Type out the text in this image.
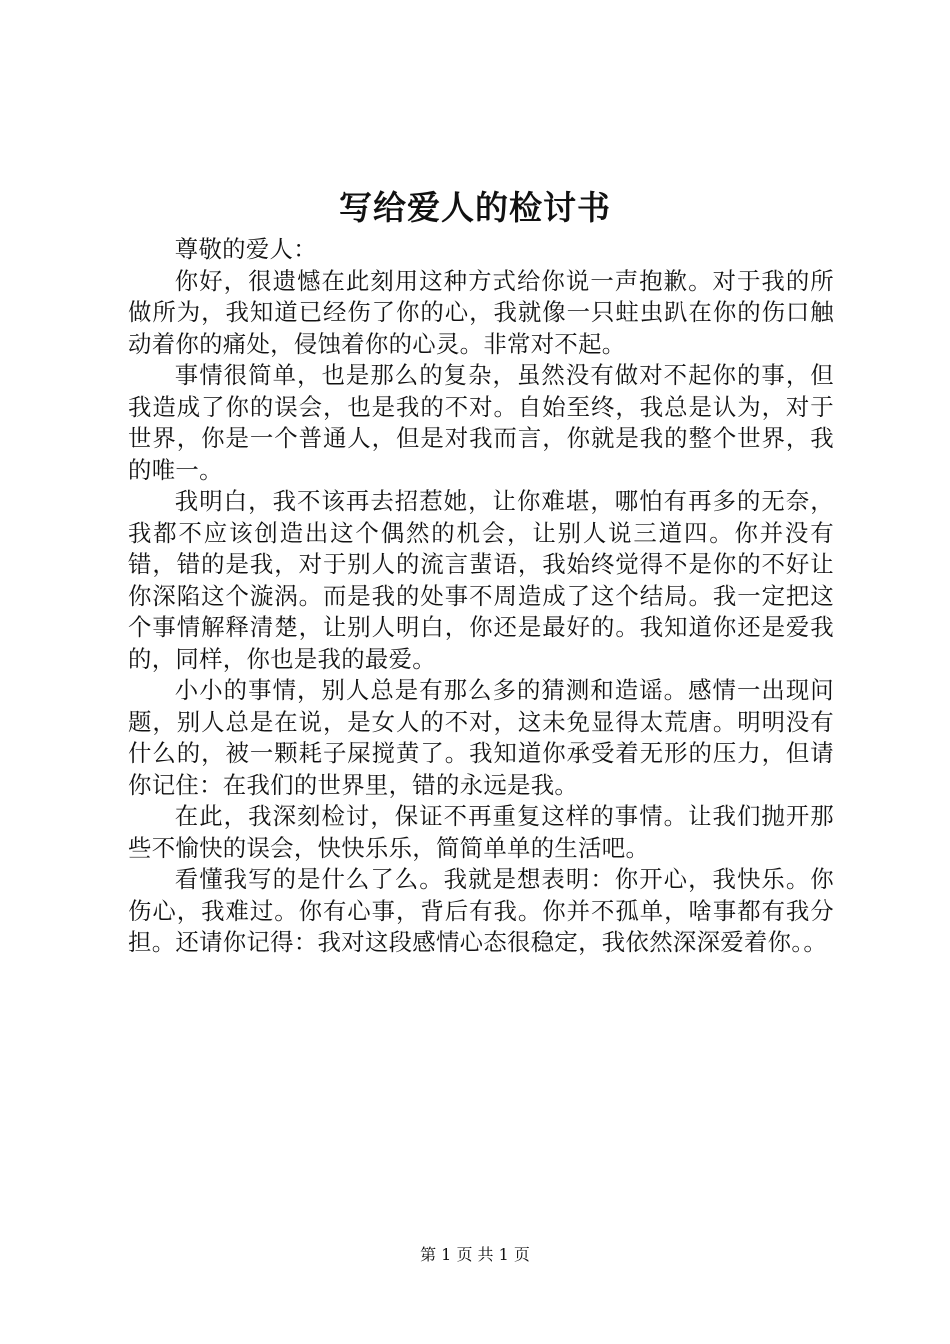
写给爱人的检讨书

尊敬的爱人：

你好，很遗憾在此刻用这种方式给你说一声抱歉。对于我的所做所为，我知道已经伤了你的心，我就像一只蛀虫趴在你的伤口触动着你的痛处，侵蚀着你的心灵。非常对不起。

事情很简单，也是那么的复杂，虽然没有做对不起你的事，但我造成了你的误会，也是我的不对。自始至终，我总是认为，对于世界，你是一个普通人，但是对我而言，你就是我的整个世界，我的唯一。

我明白，我不该再去招惹她，让你难堪，哪怕有再多的无奈，我都不应该创造出这个偶然的机会，让别人说三道四。你并没有错，错的是我，对于别人的流言蜚语，我始终觉得不是你的不好让你深陷这个漩涡。而是我的处事不周造成了这个结局。我一定把这个事情解释清楚，让别人明白，你还是最好的。我知道你还是爱我的，同样，你也是我的最爱。

小小的事情，别人总是有那么多的猜测和造谣。感情一出现问题，别人总是在说，是女人的不对，这未免显得太荒唐。明明没有什么的，被一颗耗子屎搅黄了。我知道你承受着无形的压力，但请你记住：在我们的世界里，错的永远是我。

在此，我深刻检讨，保证不再重复这样的事情。让我们抛开那些不愉快的误会，快快乐乐，简简单单的生活吧。

看懂我写的是什么了么。我就是想表明：你开心，我快乐。你伤心，我难过。你有心事，背后有我。你并不孤单，啥事都有我分担。还请你记得：我对这段感情心态很稳定，我依然深深爱着你。。

第 1 页 共 1 页
